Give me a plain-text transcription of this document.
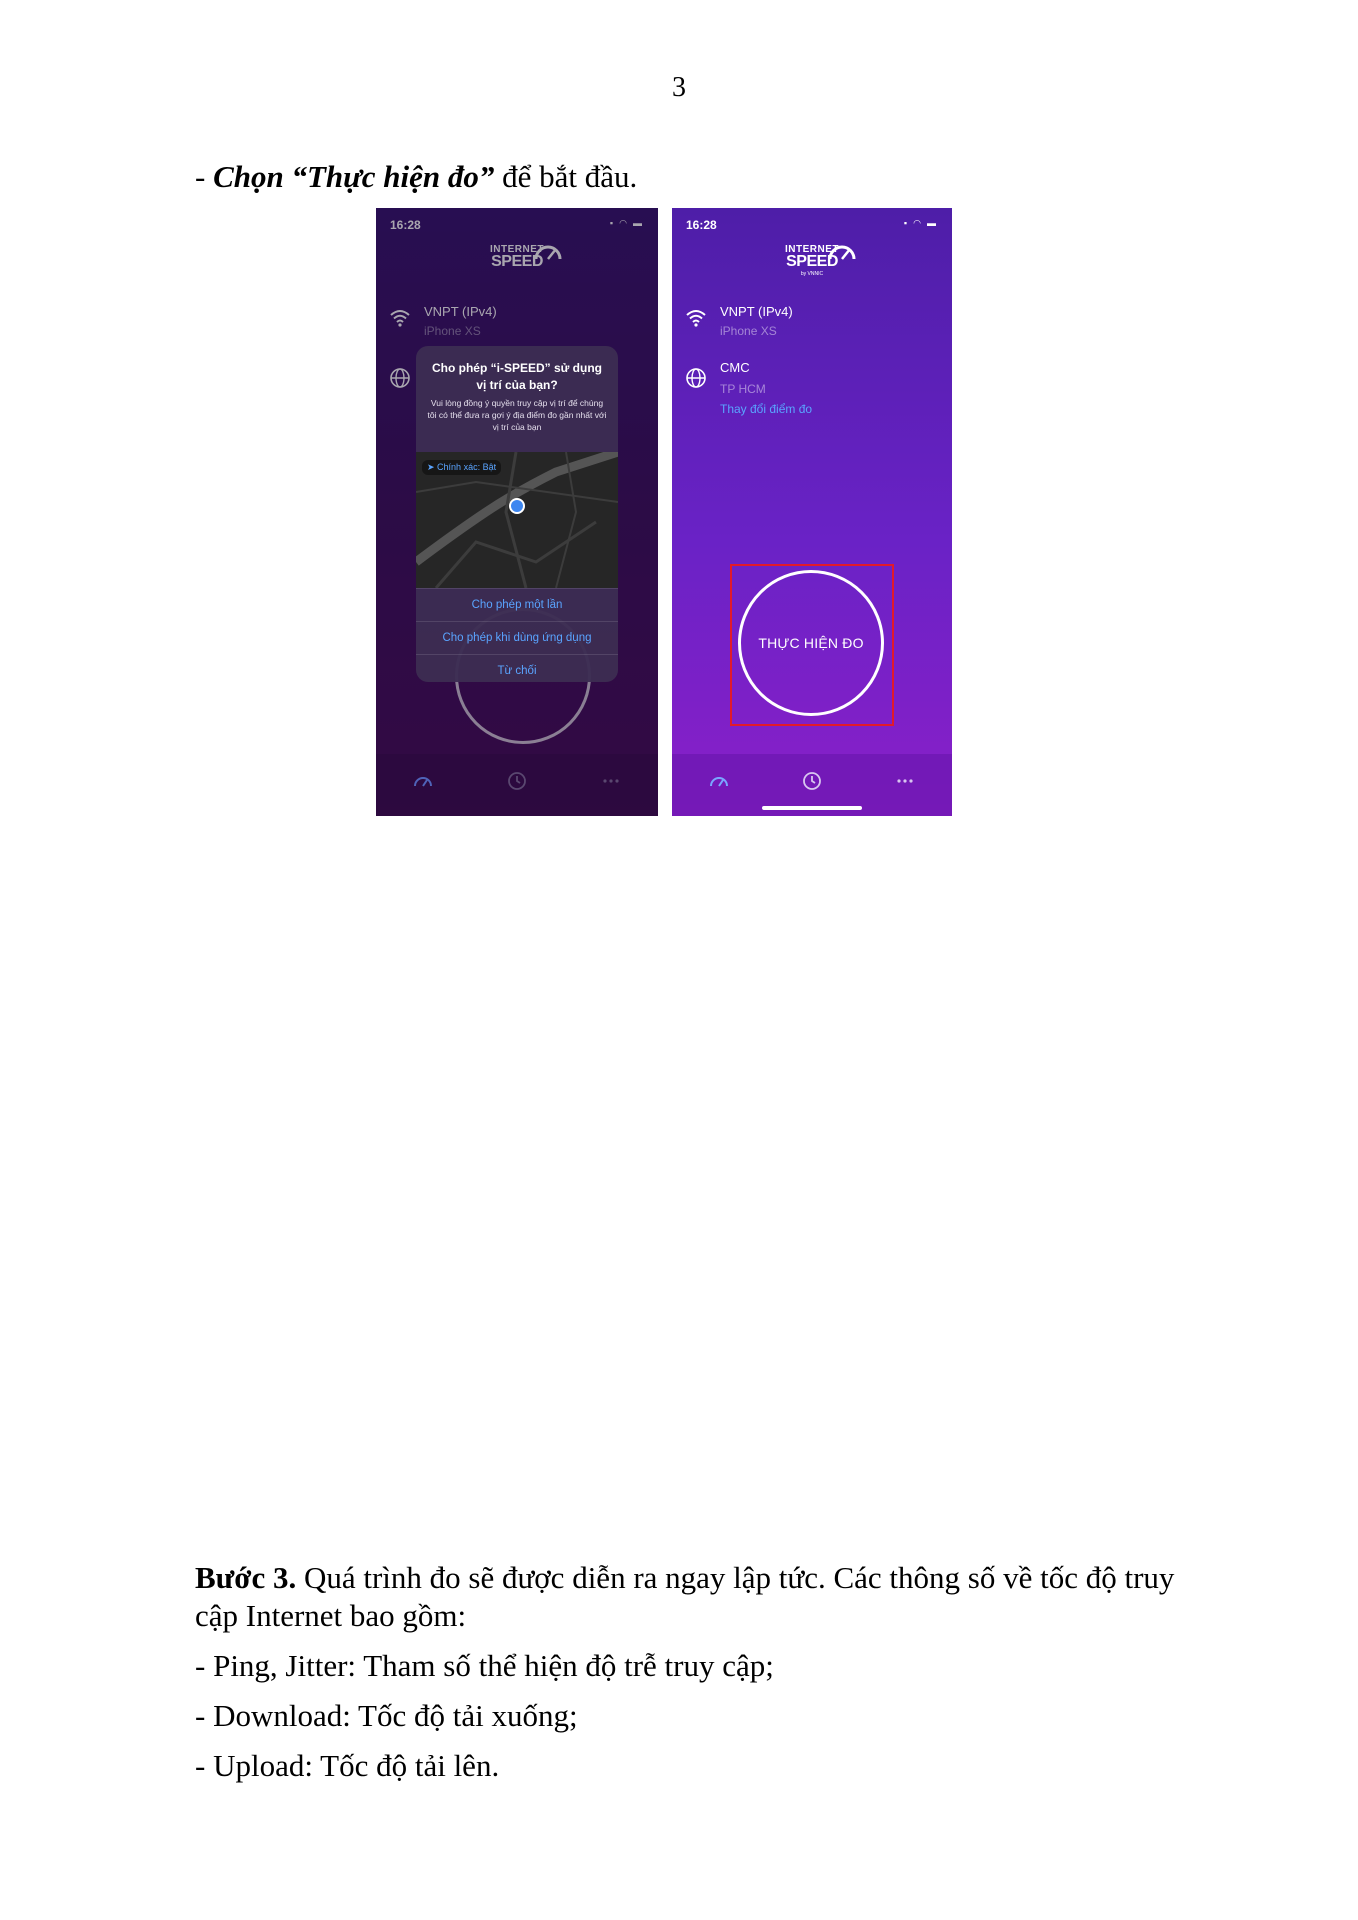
3
- Chọn “Thực hiện đo” để bắt đầu.
16:28	▪ ◠ ▬
INTERNET
SPEED
VNPT (IPv4)
iPhone XS
Cho phép “i-SPEED” sử dụng vị trí của bạn?
Vui lòng đồng ý quyền truy cập vị trí để chúng tôi có thể đưa ra gợi ý địa điểm đo gần nhất với vị trí của bạn
➤ Chính xác: Bật
Cho phép một lần
Cho phép khi dùng ứng dụng
Từ chối
16:28	▪ ◠ ▬
INTERNET
SPEED
by VNNIC
VNPT (IPv4)
iPhone XS
CMC
TP HCM
Thay đổi điểm đo
THỰC HIỆN ĐO
Bước 3. Quá trình đo sẽ được diễn ra ngay lập tức. Các thông số về tốc độ truy
cập Internet bao gồm:
- Ping, Jitter: Tham số thể hiện độ trễ truy cập;
- Download: Tốc độ tải xuống;
- Upload: Tốc độ tải lên.
